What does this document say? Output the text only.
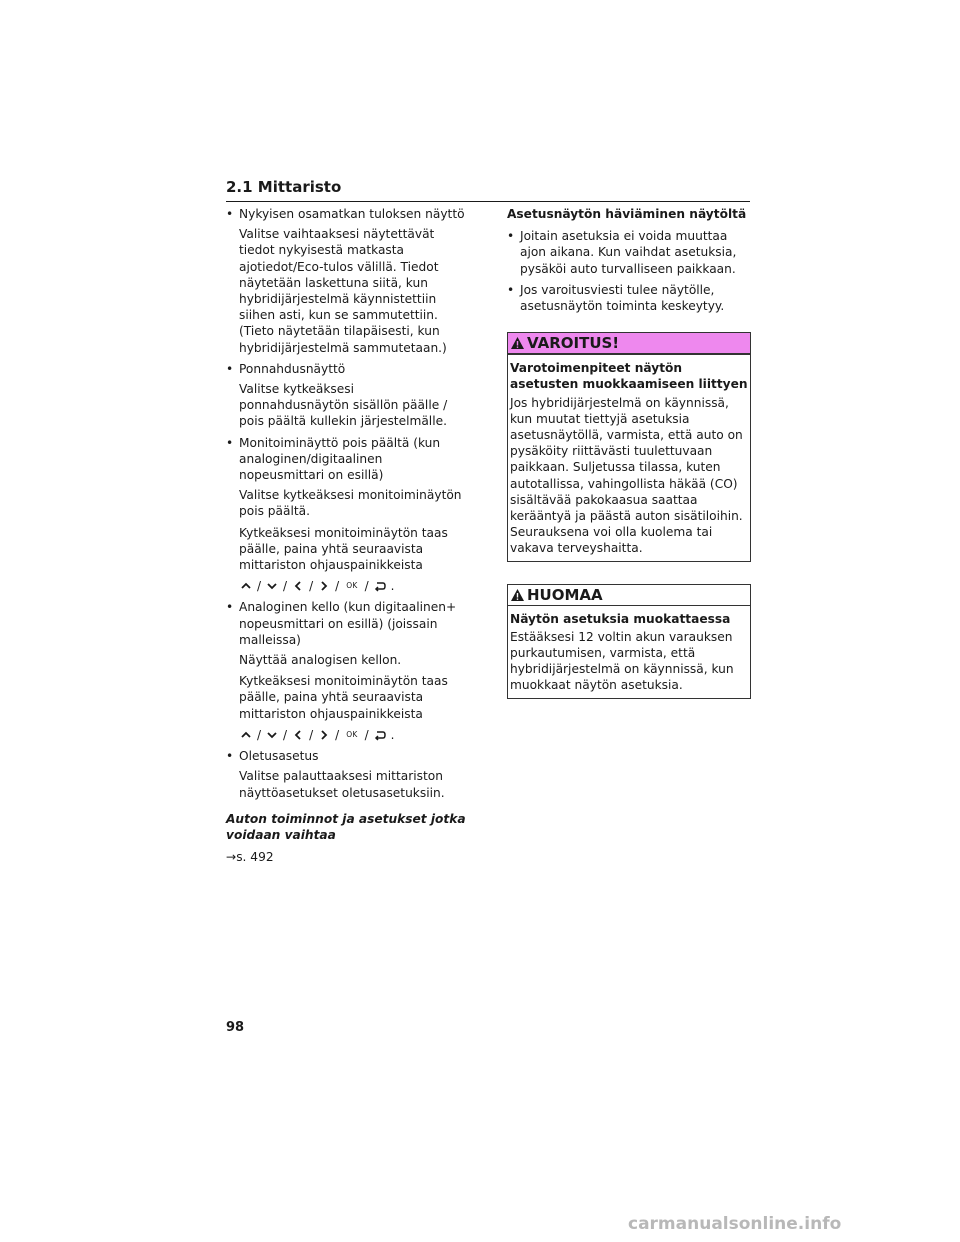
2.1 Mittaristo
• Nykyisen osamatkan tuloksen näyttö
Valitse vaihtaaksesi näytettävät tiedot nykyisestä matkasta ajotiedot/Eco-tulos välillä. Tiedot näytetään laskettuna siitä, kun hybridijärjestelmä käynnistettiin siihen asti, kun se sammutettiin. (Tieto näytetään tilapäisesti, kun hybridijärjestelmä sammutetaan.)
• Ponnahdusnäyttö
Valitse kytkeäksesi ponnahdusnäytön sisällön päälle / pois päältä kullekin järjestelmälle.
• Monitoiminäyttö pois päältä (kun analoginen/digitaalinen nopeusmittari on esillä)
Valitse kytkeäksesi monitoiminäytön pois päältä.

Kytkeäksesi monitoiminäytön taas päälle, paina yhtä seuraavista mittariston ohjauspainikkeista

/ / / / OK / .
• Analoginen kello (kun digitaalinen+ nopeusmittari on esillä) (joissain malleissa)
Näyttää analogisen kellon.

Kytkeäksesi monitoiminäytön taas päälle, paina yhtä seuraavista mittariston ohjauspainikkeista

/ / / / OK / .
• Oletusasetus
Valitse palauttaaksesi mittariston näyttöasetukset oletusasetuksiin.

Auton toiminnot ja asetukset jotka voidaan vaihtaa

→s. 492

Asetusnäytön häviäminen näytöltä

• Joitain asetuksia ei voida muuttaa ajon aikana. Kun vaihdat asetuksia, pysäköi auto turvalliseen paikkaan.
• Jos varoitusviesti tulee näytölle, asetusnäytön toiminta keskeytyy.
VAROITUS!
Varotoimenpiteet näytön asetusten muokkaamiseen liittyen
Jos hybridijärjestelmä on käynnissä, kun muutat tiettyjä asetuksia asetusnäytöllä, varmista, että auto on pysäköity riittävästi tuulettuvaan paikkaan. Suljetussa tilassa, kuten autotallissa, vahingollista häkää (CO) sisältävää pakokaasua saattaa kerääntyä ja päästä auton sisätiloihin. Seurauksena voi olla kuolema tai vakava terveyshaitta.
HUOMAA
Näytön asetuksia muokattaessa
Estääksesi 12 voltin akun varauksen purkautumisen, varmista, että hybridijärjestelmä on käynnissä, kun muokkaat näytön asetuksia.
98
carmanualsonline.info
